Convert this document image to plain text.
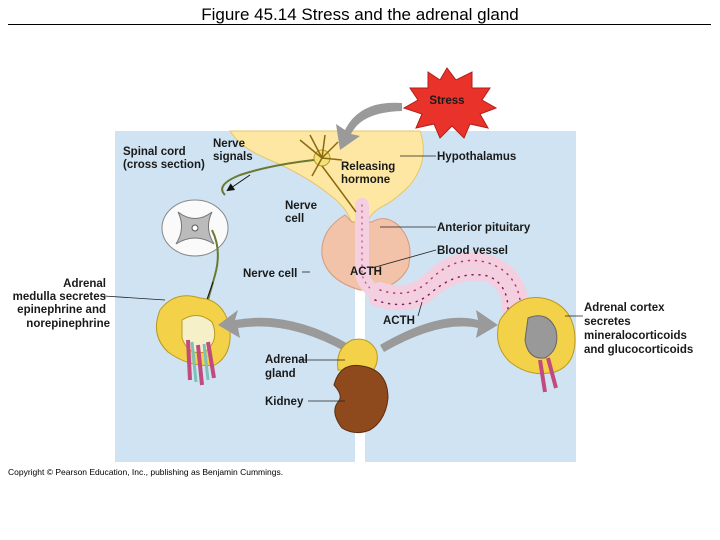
Figure 45.14 Stress and the adrenal gland
Stress
Spinal cord
(cross section)
Nerve
signals
Releasing
hormone
Hypothalamus
Nerve
cell
Anterior pituitary
Blood vessel
Nerve cell	ACTH
ACTH
Adrenal
medulla secretes
epinephrine and
norepinephrine
Adrenal cortex
secretes
mineralocorticoids
and glucocorticoids
Adrenal
gland
Kidney
Copyright © Pearson Education, Inc., publishing as Benjamin Cummings.
